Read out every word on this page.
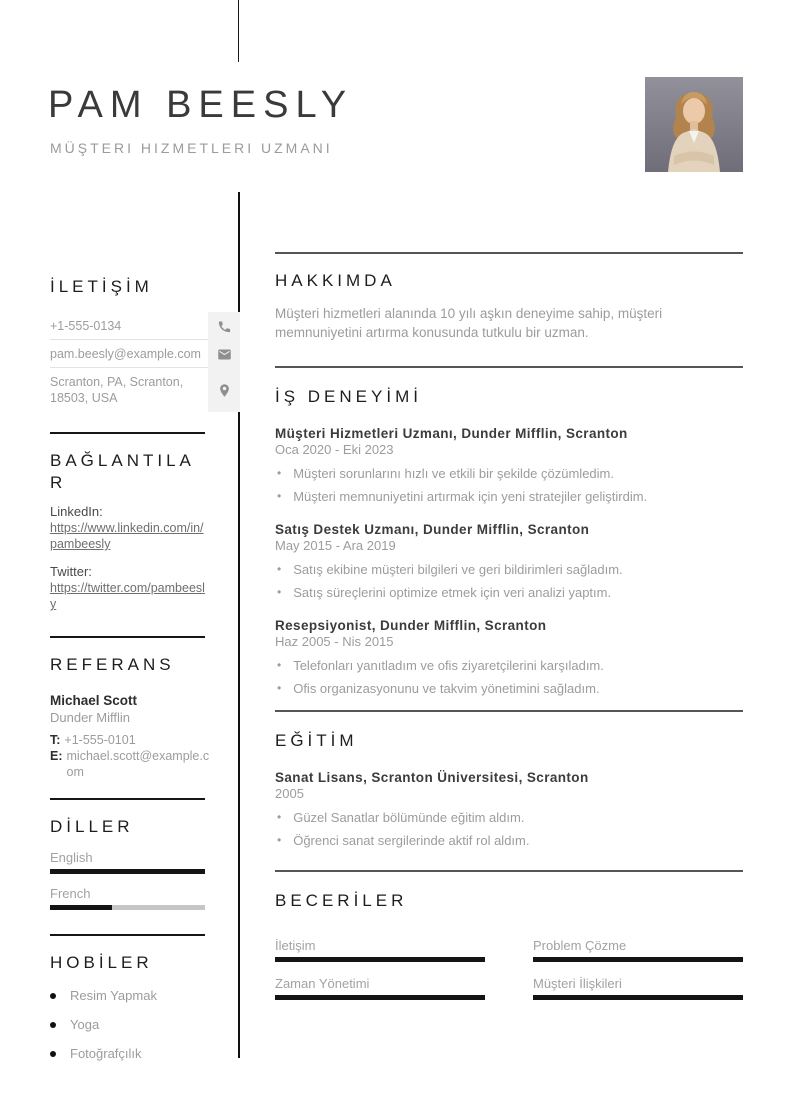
PAM BEESLY
MÜŞTERI HIZMETLERI UZMANI
İLETİŞİM
+1-555-0134
pam.beesly@example.com
Scranton, PA, Scranton, 18503, USA
BAĞLANTILAR
LinkedIn:
https://www.linkedin.com/in/pambeesly
Twitter:
https://twitter.com/pambeesly
REFERANS
Michael Scott
Dunder Mifflin
T: +1-555-0101
E: michael.scott@example.com
DİLLER
English
French
HOBİLER
Resim Yapmak
Yoga
Fotoğrafçılık
HAKKIMDA
Müşteri hizmetleri alanında 10 yılı aşkın deneyime sahip, müşteri memnuniyetini artırma konusunda tutkulu bir uzman.
İŞ DENEYİMİ
Müşteri Hizmetleri Uzmanı, Dunder Mifflin, Scranton
Oca 2020 - Eki 2023
• Müşteri sorunlarını hızlı ve etkili bir şekilde çözümledim.
• Müşteri memnuniyetini artırmak için yeni stratejiler geliştirdim.
Satış Destek Uzmanı, Dunder Mifflin, Scranton
May 2015 - Ara 2019
• Satış ekibine müşteri bilgileri ve geri bildirimleri sağladım.
• Satış süreçlerini optimize etmek için veri analizi yaptım.
Resepsiyonist, Dunder Mifflin, Scranton
Haz 2005 - Nis 2015
• Telefonları yanıtladım ve ofis ziyaretçilerini karşıladım.
• Ofis organizasyonunu ve takvim yönetimini sağladım.
EĞİTİM
Sanat Lisans, Scranton Üniversitesi, Scranton
2005
• Güzel Sanatlar bölümünde eğitim aldım.
• Öğrenci sanat sergilerinde aktif rol aldım.
BECERİLER
İletişim	Problem Çözme
Zaman Yönetimi	Müşteri İlişkileri
